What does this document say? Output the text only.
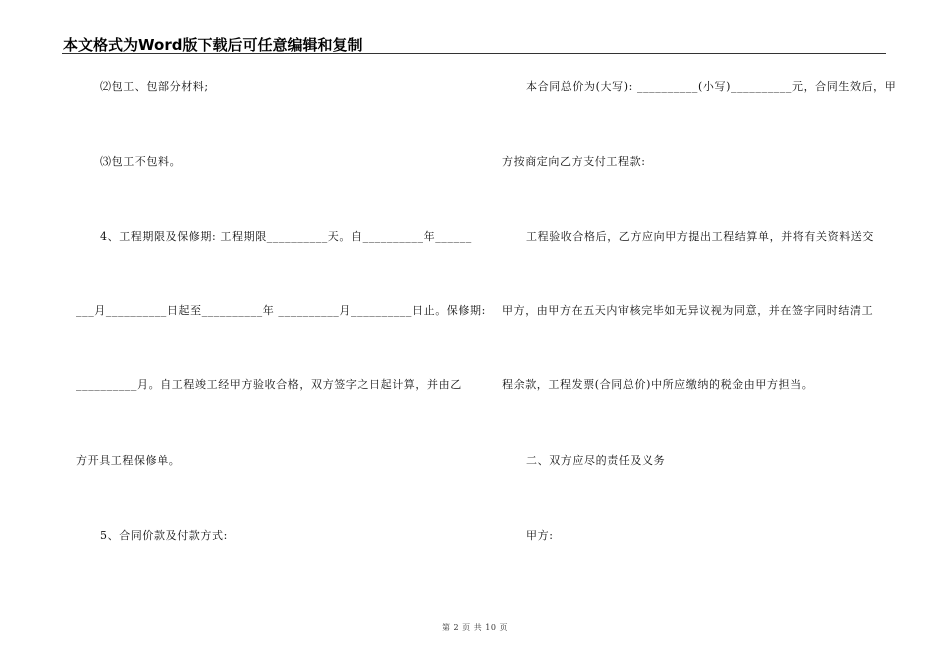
本文格式为Word版下载后可任意编辑和复制
⑵包工、包部分材料;
⑶包工不包料。
4、工程期限及保修期: 工程期限__________天。自__________年______
___月__________日起至__________年 __________月__________日止。保修期:
__________月。自工程竣工经甲方验收合格，双方签字之日起计算，并由乙
方开具工程保修单。
5、合同价款及付款方式:
本合同总价为(大写): __________(小写)__________元，合同生效后，甲
方按商定向乙方支付工程款:
工程验收合格后，乙方应向甲方提出工程结算单，并将有关资料送交
甲方，由甲方在五天内审核完毕如无异议视为同意，并在签字同时结清工
程余款，工程发票(合同总价)中所应缴纳的税金由甲方担当。
二、双方应尽的责任及义务
甲方:
第 2 页 共 10 页
